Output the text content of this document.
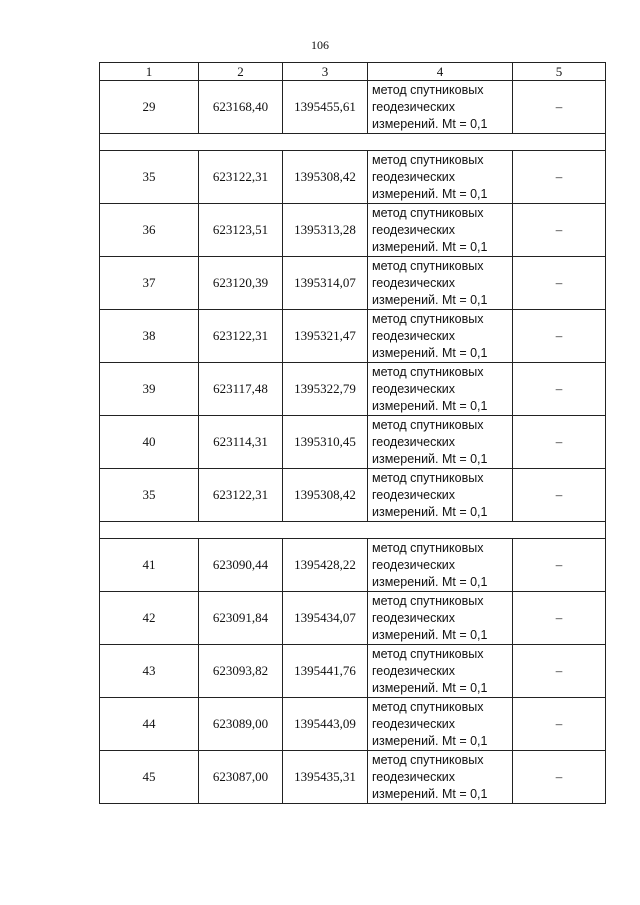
106
1	2	3	4	5
29	623168,40	1395455,61	метод спутниковых
геодезических
измерений. Mt = 0,1	–

35	623122,31	1395308,42	метод спутниковых
геодезических
измерений. Mt = 0,1	–
36	623123,51	1395313,28	метод спутниковых
геодезических
измерений. Mt = 0,1	–
37	623120,39	1395314,07	метод спутниковых
геодезических
измерений. Mt = 0,1	–
38	623122,31	1395321,47	метод спутниковых
геодезических
измерений. Mt = 0,1	–
39	623117,48	1395322,79	метод спутниковых
геодезических
измерений. Mt = 0,1	–
40	623114,31	1395310,45	метод спутниковых
геодезических
измерений. Mt = 0,1	–
35	623122,31	1395308,42	метод спутниковых
геодезических
измерений. Mt = 0,1	–

41	623090,44	1395428,22	метод спутниковых
геодезических
измерений. Mt = 0,1	–
42	623091,84	1395434,07	метод спутниковых
геодезических
измерений. Mt = 0,1	–
43	623093,82	1395441,76	метод спутниковых
геодезических
измерений. Mt = 0,1	–
44	623089,00	1395443,09	метод спутниковых
геодезических
измерений. Mt = 0,1	–
45	623087,00	1395435,31	метод спутниковых
геодезических
измерений. Mt = 0,1	–
